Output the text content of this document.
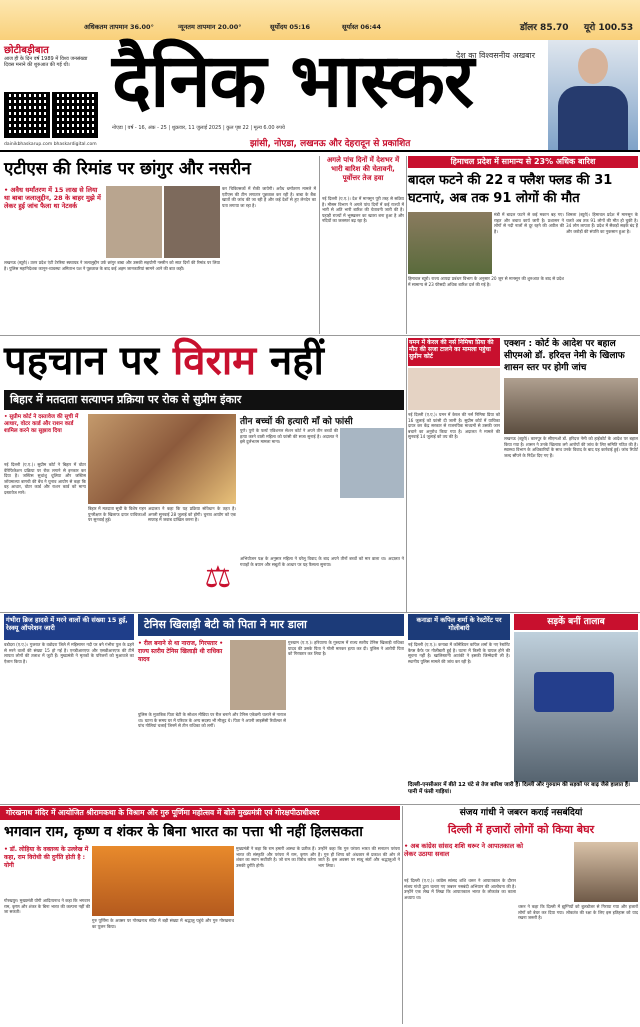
अधिकतम तापमान 36.00°	न्यूनतम तापमान 20.00°	सूर्योदय 05:16	सूर्यास्त 06:44	डॉलर 85.70 यूरो 100.53
छोटीबड़ीबात
आज ही के दिन वर्ष 1989 में विश्व जनसंख्या दिवस मनाने की शुरुआत की गई थी।
dainikbhaskarup.com bhaskardigital.com
दैनिक भास्कर
देश का विश्वसनीय अखबार
नोएडा | वर्ष - 16, अंक - 25 | शुक्रवार, 11 जुलाई 2025 | कुल पृष्ठ 22 | मूल्य 6.00 रुपये
झांसी, नोएडा, लखनऊ और देहरादून से प्रकाशित
एटीएस की रिमांड पर छांगुर और नसरीन
• अवैध धर्मांतरण में 15 लाख से लिया था बाबा जलालुद्दीन, 28 के बाहर मुझे में लेकर हुई जांच फैला था नेटवर्क
कर चिकित्सकों में रोकी जायेगी। अवैध धर्मांतरण मामले में एटीएस की टीम लगातार पूछताछ कर रही है। बाबा के बैंक खातों की जांच की जा रही है और कई देशों से हुए लेनदेन का पता लगाया जा रहा है।
लखनऊ (ब्यूरो)। उत्तर प्रदेश एंटी टेररिस्ट स्क्वायड ने जलालुद्दीन उर्फ छांगुर बाबा और उसकी सहयोगी नसरीन को सात दिनों की रिमांड पर लिया है। पुलिस महानिदेशक कानून-व्यवस्था अमिताभ यश ने पूछताछ के बाद कई अहम जानकारियां सामने आने की बात कही।
अगले पांच दिनों में देशभर में भारी बारिश की चेतावनी, पूर्वोत्तर तेज हवा
नई दिल्ली (ए.ए.)। देश में मानसून पूरी तरह से सक्रिय है। मौसम विभाग ने अगले पांच दिनों में कई राज्यों में भारी से अति भारी बारिश की चेतावनी जारी की है। पहाड़ी राज्यों में भूस्खलन का खतरा बना हुआ है और नदियों का जलस्तर बढ़ रहा है।
हिमाचल प्रदेश में सामान्य से 23% अधिक बारिश
बादल फटने की 22 व फ्लैश फ्लड की 31 घटनाएं, अब तक 91 लोगों की मौत
मंडी में बादल फटने से कई मकान बह गए। राहत और बचाव कार्य जारी है। प्रशासन ने लोगों से नदी नालों से दूर रहने की अपील की है।
शिमला (ब्यूरो)। हिमाचल प्रदेश में मानसून के चलते अब तक 91 लोगों की मौत हो चुकी है। 34 लोग लापता हैं। प्रदेश में सैकड़ों सड़कें बंद हैं और करोड़ों की संपत्ति का नुकसान हुआ है।
हिमाचल ब्यूरो। राज्य आपदा प्रबंधन विभाग के अनुसार 20 जून से मानसून की शुरुआत के बाद से प्रदेश में सामान्य से 23 फीसदी अधिक बारिश दर्ज की गई है।
पहचान पर विराम नहीं
बिहार में मतदाता सत्यापन प्रक्रिया पर रोक से सुप्रीम इंकार
• सुप्रीम कोर्ट ने दस्तावेज की सूची में आधार, वोटर कार्ड और राशन कार्ड शामिल करने का सुझाव दिया
नई दिल्ली (ए.ए.)। सुप्रीम कोर्ट ने बिहार में वोटर वेरिफिकेशन प्रक्रिया पर रोक लगाने से इनकार कर दिया है। जस्टिस सुधांशु धूलिया और जस्टिस जॉयमाल्या बागची की बेंच ने चुनाव आयोग से कहा कि वह आधार, वोटर कार्ड और राशन कार्ड को मान्य दस्तावेज माने।
बिहार में मतदाता सूची के विशेष गहन पुनरीक्षण के खिलाफ दायर याचिकाओं पर सुनवाई हुई।
अदालत ने कहा कि यह प्रक्रिया संविधान के तहत है। अगली सुनवाई 28 जुलाई को होगी। चुनाव आयोग को एक सप्ताह में जवाब दाखिल करना है।
⚖
तीन बच्चों की हत्यारी माँ को फांसी
पुणे। पुणे के फर्स्ट एडिशनल सेशन कोर्ट ने अपने तीन बच्चों की हत्या करने वाली महिला को फांसी की सजा सुनाई है। अदालत ने इसे दुर्लभतम मामला माना।
अभियोजन पक्ष के अनुसार महिला ने घरेलू विवाद के बाद अपने तीनों बच्चों को मार डाला था। अदालत ने गवाहों के बयान और सबूतों के आधार पर यह फैसला सुनाया।
यमन में केरल की नर्स निमिषा प्रिया की मौत की सजा टालने का मामला पहुंचा सुप्रीम कोर्ट
नई दिल्ली (ए.ए.)। यमन में केरल की नर्स निमिषा प्रिया को 16 जुलाई को फांसी दी जानी है। सुप्रीम कोर्ट में याचिका दायर कर केंद्र सरकार से राजनयिक माध्यमों से उसकी जान बचाने का अनुरोध किया गया है। अदालत ने मामले की सुनवाई 14 जुलाई को तय की है।
एक्शन : कोर्ट के आदेश पर बहाल सीएमओ डॉ. हरिदत्त नेमी के खिलाफ शासन स्तर पर होगी जांच
लखनऊ (ब्यूरो)। कानपुर के सीएमओ डॉ. हरिदत्त नेमी को हाईकोर्ट के आदेश पर बहाल किया गया है। शासन ने उनके खिलाफ लगे आरोपों की जांच के लिए समिति गठित की है। स्वास्थ्य विभाग के अधिकारियों के साथ उनके विवाद के बाद यह कार्रवाई हुई। जांच रिपोर्ट जल्द सौंपने के निर्देश दिए गए हैं।
गंभीरा ब्रिज हादसे में मरने वालों की संख्या 15 हुई, रेस्क्यू ऑपरेशन जारी
वडोदरा (ए.ए.)। गुजरात के वडोदरा जिले में महिसागर नदी पर बने गंभीरा पुल के ढहने से मरने वालों की संख्या 15 हो गई है। एनडीआरएफ और एसडीआरएफ की टीमें लापता लोगों की तलाश में जुटी हैं। मुख्यमंत्री ने मृतकों के परिजनों को मुआवजे का ऐलान किया है।
टेनिस खिलाड़ी बेटी को पिता ने मार डाला
• रील बनाने से था नाराज, गिरफ्तार • राज्य स्तरीय टेनिस खिलाड़ी थी राधिका यादव
गुरुग्राम (ए.ए.)। हरियाणा के गुरुग्राम में राज्य स्तरीय टेनिस खिलाड़ी राधिका यादव की उसके पिता ने गोली मारकर हत्या कर दी। पुलिस ने आरोपी पिता को गिरफ्तार कर लिया है।
पुलिस के मुताबिक पिता बेटी के सोशल मीडिया पर रील बनाने और टेनिस एकेडमी चलाने से नाराज था। घटना के समय घर में परिवार के अन्य सदस्य भी मौजूद थे। पिता ने अपनी लाइसेंसी रिवॉल्वर से पांच गोलियां चलाईं जिनमें से तीन राधिका को लगीं।
कनाडा में कपिल शर्मा के रेस्टोरेंट पर गोलीबारी
नई दिल्ली (ए.ए.)। कनाडा में कॉमेडियन कपिल शर्मा के नए रेस्टोरेंट कैप्स कैफे पर गोलीबारी हुई है। घटना में किसी के घायल होने की सूचना नहीं है। खालिस्तानी आतंकी ने इसकी जिम्मेदारी ली है। स्थानीय पुलिस मामले की जांच कर रही है।
सड़कें बनीं तालाब
दिल्ली-एनसीआर में बीते 12 घंटे से तेज बारिश जारी है। दिल्ली और गुरुग्राम की सड़कों पर बाढ़ जैसे हालात हैं। पानी में फंसी गाड़ियां।
गोरखनाथ मंदिर में आयोजित श्रीरामकथा के विश्राम और गुरु पूर्णिमा महोत्सव में बोले मुख्यमंत्री एवं गोरक्षपीठाधीश्वर
भगवान राम, कृष्ण व शंकर के बिना भारत का पत्ता भी नहीं हिलसकता
• डॉ. लोहिया के वक्तव्य के उल्लेख में कहा, राम विरोधी की दुर्गति होती है : योगी
गोरखपुर। मुख्यमंत्री योगी आदित्यनाथ ने कहा कि भगवान राम, कृष्ण और शंकर के बिना भारत की कल्पना नहीं की जा सकती।
गुरु पूर्णिमा के अवसर पर गोरखनाथ मंदिर में बड़ी संख्या में श्रद्धालु पहुंचे और गुरु गोरखनाथ का पूजन किया।
मुख्यमंत्री ने कहा कि राम हमारी आस्था के प्रतीक हैं। भारत की संस्कृति और परंपरा में राम, कृष्ण और शंकर का स्थान सर्वोपरि है। जो राम का विरोध करेगा उसकी दुर्गति होगी।
उन्होंने कहा कि गुरु परंपरा भारत की सनातन परंपरा है। गुरु ही शिष्य को अंधकार से प्रकाश की ओर ले जाते हैं। इस अवसर पर साधु संतों और श्रद्धालुओं ने भाग लिया।
संजय गांधी ने जबरन कराई नसबंदियां
दिल्ली में हजारों लोगों को किया बेघर
• अब कांग्रेस सांसद शशि थरूर ने आपातकाल को लेकर उठाया सवाल
नई दिल्ली (ए.ए.)। कांग्रेस सांसद शशि थरूर ने आपातकाल के दौरान संजय गांधी द्वारा चलाए गए जबरन नसबंदी अभियान की आलोचना की है। उन्होंने एक लेख में लिखा कि आपातकाल भारत के लोकतंत्र का काला अध्याय था।
थरूर ने कहा कि दिल्ली में झुग्गियों को बुलडोजर से गिराया गया और हजारों लोगों को बेघर कर दिया गया। लोकतंत्र की रक्षा के लिए इस इतिहास को याद रखना जरूरी है।
